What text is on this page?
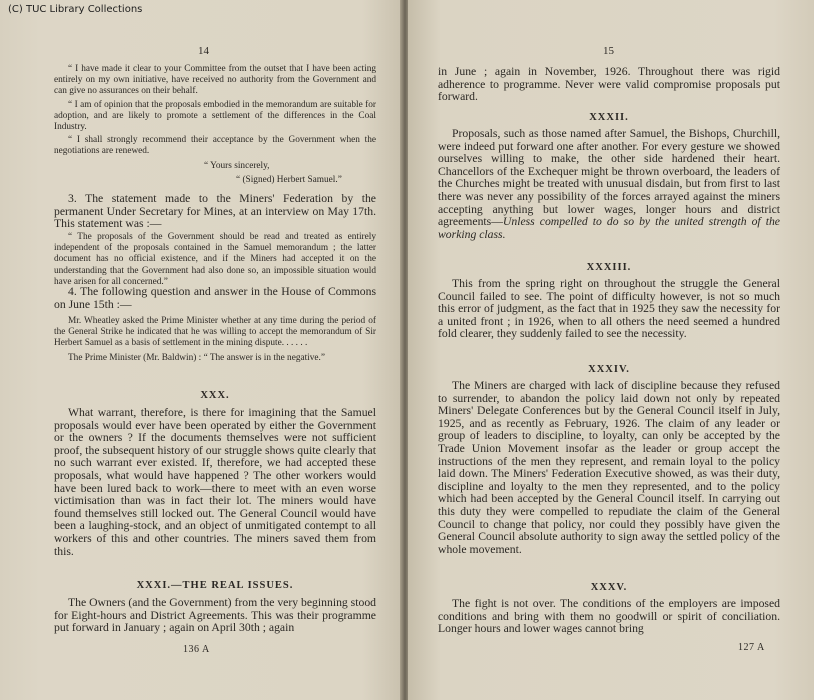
14

“ I have made it clear to your Committee from the outset that I have been acting entirely on my own initiative, have received no authority from the Government and can give no assurances on their behalf.

“ I am of opinion that the proposals embodied in the memorandum are suitable for adoption, and are likely to promote a settlement of the differences in the Coal Industry.

“ I shall strongly recommend their acceptance by the Government when the negotiations are renewed.

“ Yours sincerely,

“ (Signed) Herbert Samuel.”

3. The statement made to the Miners' Federation by the permanent Under Secretary for Mines, at an interview on May 17th. This statement was :—

“ The proposals of the Government should be read and treated as entirely independent of the proposals contained in the Samuel memorandum ; the latter document has no official existence, and if the Miners had accepted it on the understanding that the Government had also done so, an impossible situation would have arisen for all concerned.”

4. The following question and answer in the House of Commons on June 15th :—

Mr. Wheatley asked the Prime Minister whether at any time during the period of the General Strike he indicated that he was willing to accept the memorandum of Sir Herbert Samuel as a basis of settlement in the mining dispute. . . . . .

The Prime Minister (Mr. Baldwin) : “ The answer is in the negative.”

XXX.

What warrant, therefore, is there for imagining that the Samuel proposals would ever have been operated by either the Government or the owners ? If the documents themselves were not sufficient proof, the subsequent history of our struggle shows quite clearly that no such warrant ever existed. If, therefore, we had accepted these proposals, what would have happened ? The other workers would have been lured back to work—there to meet with an even worse victimisation than was in fact their lot. The miners would have found themselves still locked out. The General Council would have been a laughing-stock, and an object of unmitigated contempt to all workers of this and other countries. The miners saved them from this.

XXXI.—THE REAL ISSUES.

The Owners (and the Government) from the very beginning stood for Eight-hours and District Agreements. This was their programme put forward in January ; again on April 30th ; again

136 A
15

in June ; again in November, 1926. Throughout there was rigid adherence to programme. Never were valid compromise proposals put forward.

XXXII.

Proposals, such as those named after Samuel, the Bishops, Churchill, were indeed put forward one after another. For every gesture we showed ourselves willing to make, the other side hardened their heart. Chancellors of the Exchequer might be thrown overboard, the leaders of the Churches might be treated with unusual disdain, but from first to last there was never any possibility of the forces arrayed against the miners accepting anything but lower wages, longer hours and district agreements—Unless compelled to do so by the united strength of the working class.

XXXIII.

This from the spring right on throughout the struggle the General Council failed to see. The point of difficulty however, is not so much this error of judgment, as the fact that in 1925 they saw the necessity for a united front ; in 1926, when to all others the need seemed a hundred fold clearer, they suddenly failed to see the necessity.

XXXIV.

The Miners are charged with lack of discipline because they refused to surrender, to abandon the policy laid down not only by repeated Miners' Delegate Conferences but by the General Council itself in July, 1925, and as recently as February, 1926. The claim of any leader or group of leaders to discipline, to loyalty, can only be accepted by the Trade Union Movement insofar as the leader or group accept the instructions of the men they represent, and remain loyal to the policy laid down. The Miners' Federation Executive showed, as was their duty, discipline and loyalty to the men they represented, and to the policy which had been accepted by the General Council itself. In carrying out this duty they were compelled to repudiate the claim of the General Council to change that policy, nor could they possibly have given the General Council absolute authority to sign away the settled policy of the whole movement.

XXXV.

The fight is not over. The conditions of the employers are imposed conditions and bring with them no goodwill or spirit of conciliation. Longer hours and lower wages cannot bring

127 A
(C) TUC Library Collections
